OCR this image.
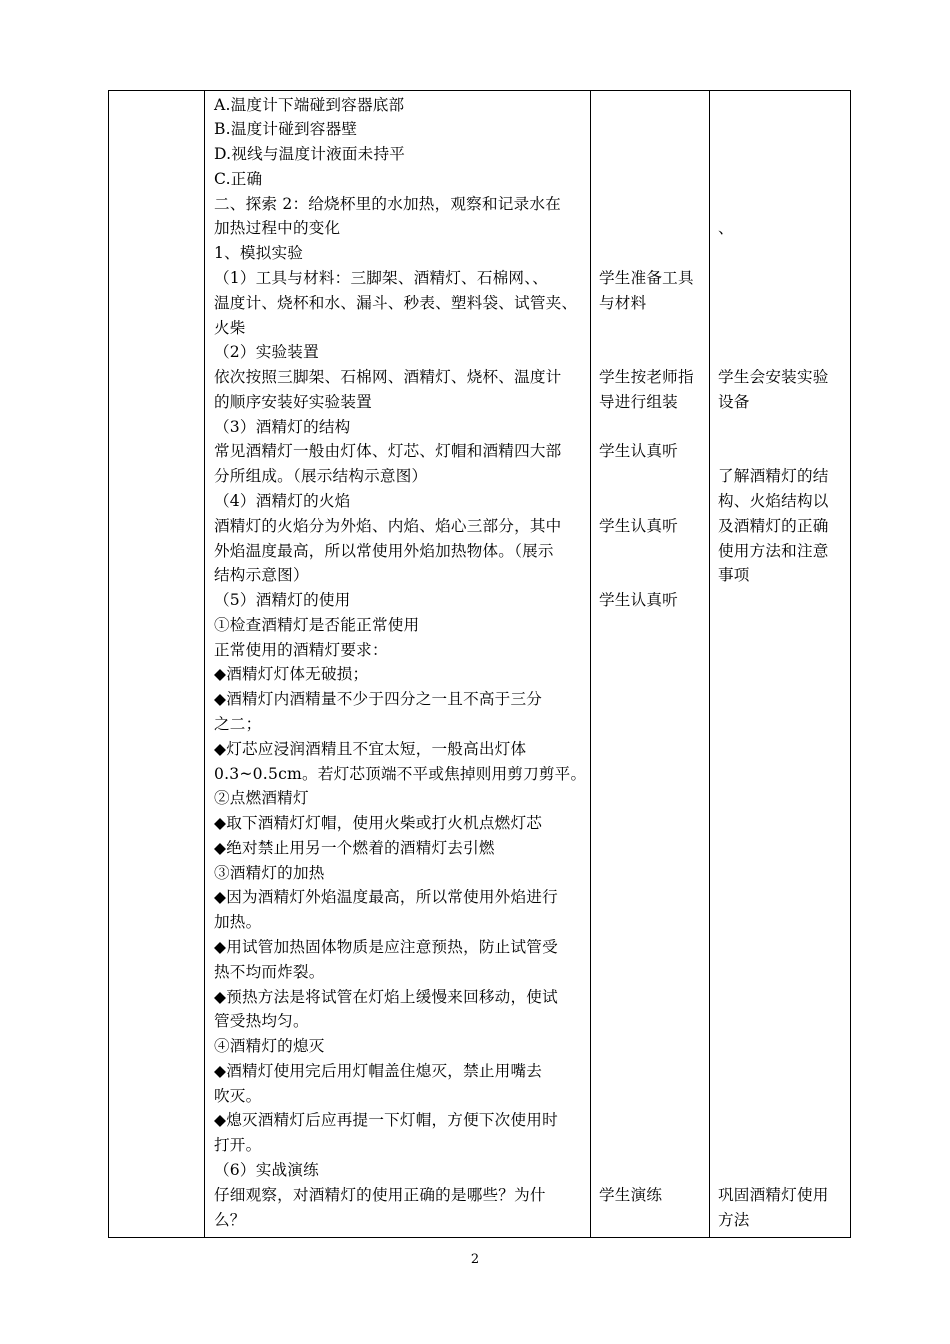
A.温度计下端碰到容器底部
B.温度计碰到容器壁
D.视线与温度计液面未持平
C.正确
二、探索 2：给烧杯里的水加热，观察和记录水在
加热过程中的变化
1、模拟实验
（1）工具与材料：三脚架、酒精灯、石棉网、、
温度计、烧杯和水、漏斗、秒表、塑料袋、试管夹、
火柴
（2）实验装置
依次按照三脚架、石棉网、酒精灯、烧杯、温度计
的顺序安装好实验装置
（3）酒精灯的结构
常见酒精灯一般由灯体、灯芯、灯帽和酒精四大部
分所组成。（展示结构示意图）
（4）酒精灯的火焰
酒精灯的火焰分为外焰、内焰、焰心三部分，其中
外焰温度最高，所以常使用外焰加热物体。（展示
结构示意图）
（5）酒精灯的使用
①检查酒精灯是否能正常使用
正常使用的酒精灯要求：
◆酒精灯灯体无破损；
◆酒精灯内酒精量不少于四分之一且不高于三分
之二；
◆灯芯应浸润酒精且不宜太短，一般高出灯体
0.3~0.5cm。若灯芯顶端不平或焦掉则用剪刀剪平。
②点燃酒精灯
◆取下酒精灯灯帽，使用火柴或打火机点燃灯芯
◆绝对禁止用另一个燃着的酒精灯去引燃
③酒精灯的加热
◆因为酒精灯外焰温度最高，所以常使用外焰进行
加热。
◆用试管加热固体物质是应注意预热，防止试管受
热不均而炸裂。
◆预热方法是将试管在灯焰上缓慢来回移动，使试
管受热均匀。
④酒精灯的熄灭
◆酒精灯使用完后用灯帽盖住熄灭，禁止用嘴去
吹灭。
◆熄灭酒精灯后应再提一下灯帽，方便下次使用时
打开。
（6）实战演练
仔细观察，对酒精灯的使用正确的是哪些？为什
么？
学生准备工具
与材料
学生按老师指
导进行组装
学生认真听
学生认真听
学生认真听
学生演练
、
学生会安装实验
设备
了解酒精灯的结
构、火焰结构以
及酒精灯的正确
使用方法和注意
事项
巩固酒精灯使用
方法
2
